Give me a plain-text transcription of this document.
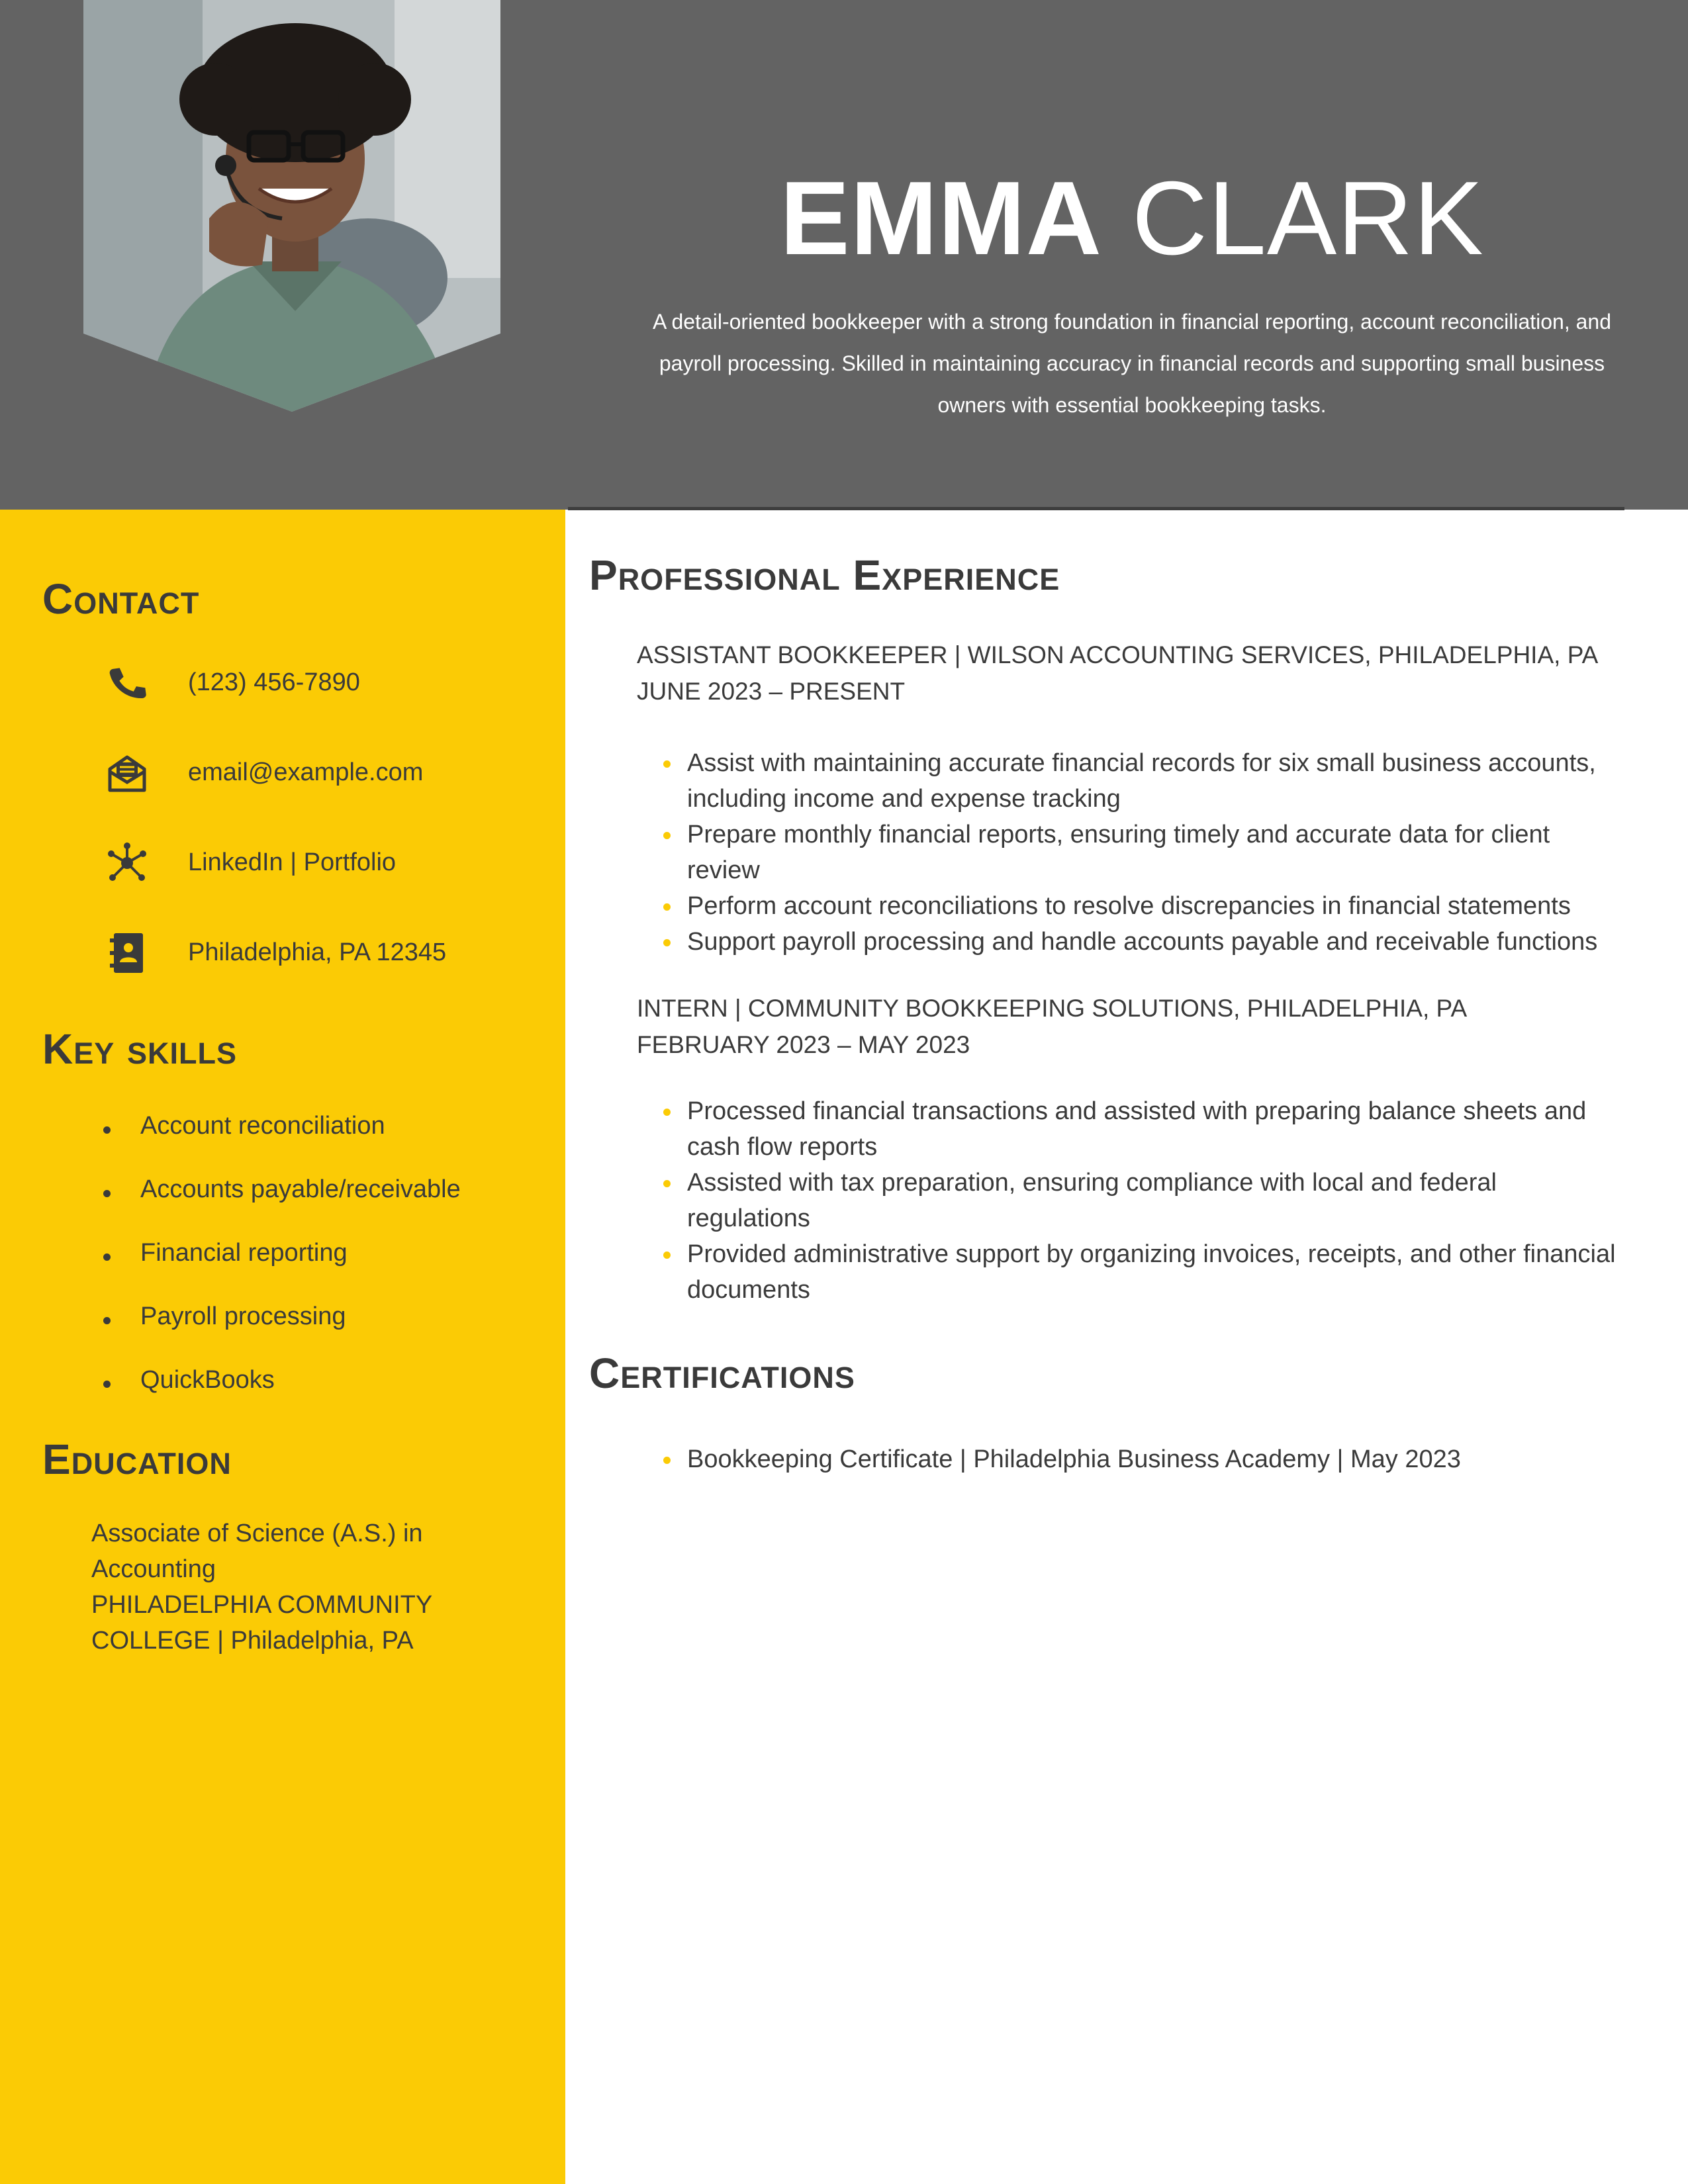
EMMA CLARK
A detail-oriented bookkeeper with a strong foundation in financial reporting, account reconciliation, and payroll processing. Skilled in maintaining accuracy in financial records and supporting small business owners with essential bookkeeping tasks.
Contact
(123) 456-7890
email@example.com
LinkedIn | Portfolio
Philadelphia, PA 12345
Key skills
Account reconciliation
Accounts payable/receivable
Financial reporting
Payroll processing
QuickBooks
Education
Associate of Science (A.S.) in Accounting
PHILADELPHIA COMMUNITY COLLEGE | Philadelphia, PA
Professional Experience
ASSISTANT BOOKKEEPER | WILSON ACCOUNTING SERVICES, PHILADELPHIA, PA
JUNE 2023 – PRESENT
Assist with maintaining accurate financial records for six small business accounts, including income and expense tracking
Prepare monthly financial reports, ensuring timely and accurate data for client review
Perform account reconciliations to resolve discrepancies in financial statements
Support payroll processing and handle accounts payable and receivable functions
INTERN | COMMUNITY BOOKKEEPING SOLUTIONS, PHILADELPHIA, PA
FEBRUARY 2023 – MAY 2023
Processed financial transactions and assisted with preparing balance sheets and cash flow reports
Assisted with tax preparation, ensuring compliance with local and federal regulations
Provided administrative support by organizing invoices, receipts, and other financial documents
Certifications
Bookkeeping Certificate | Philadelphia Business Academy | May 2023
